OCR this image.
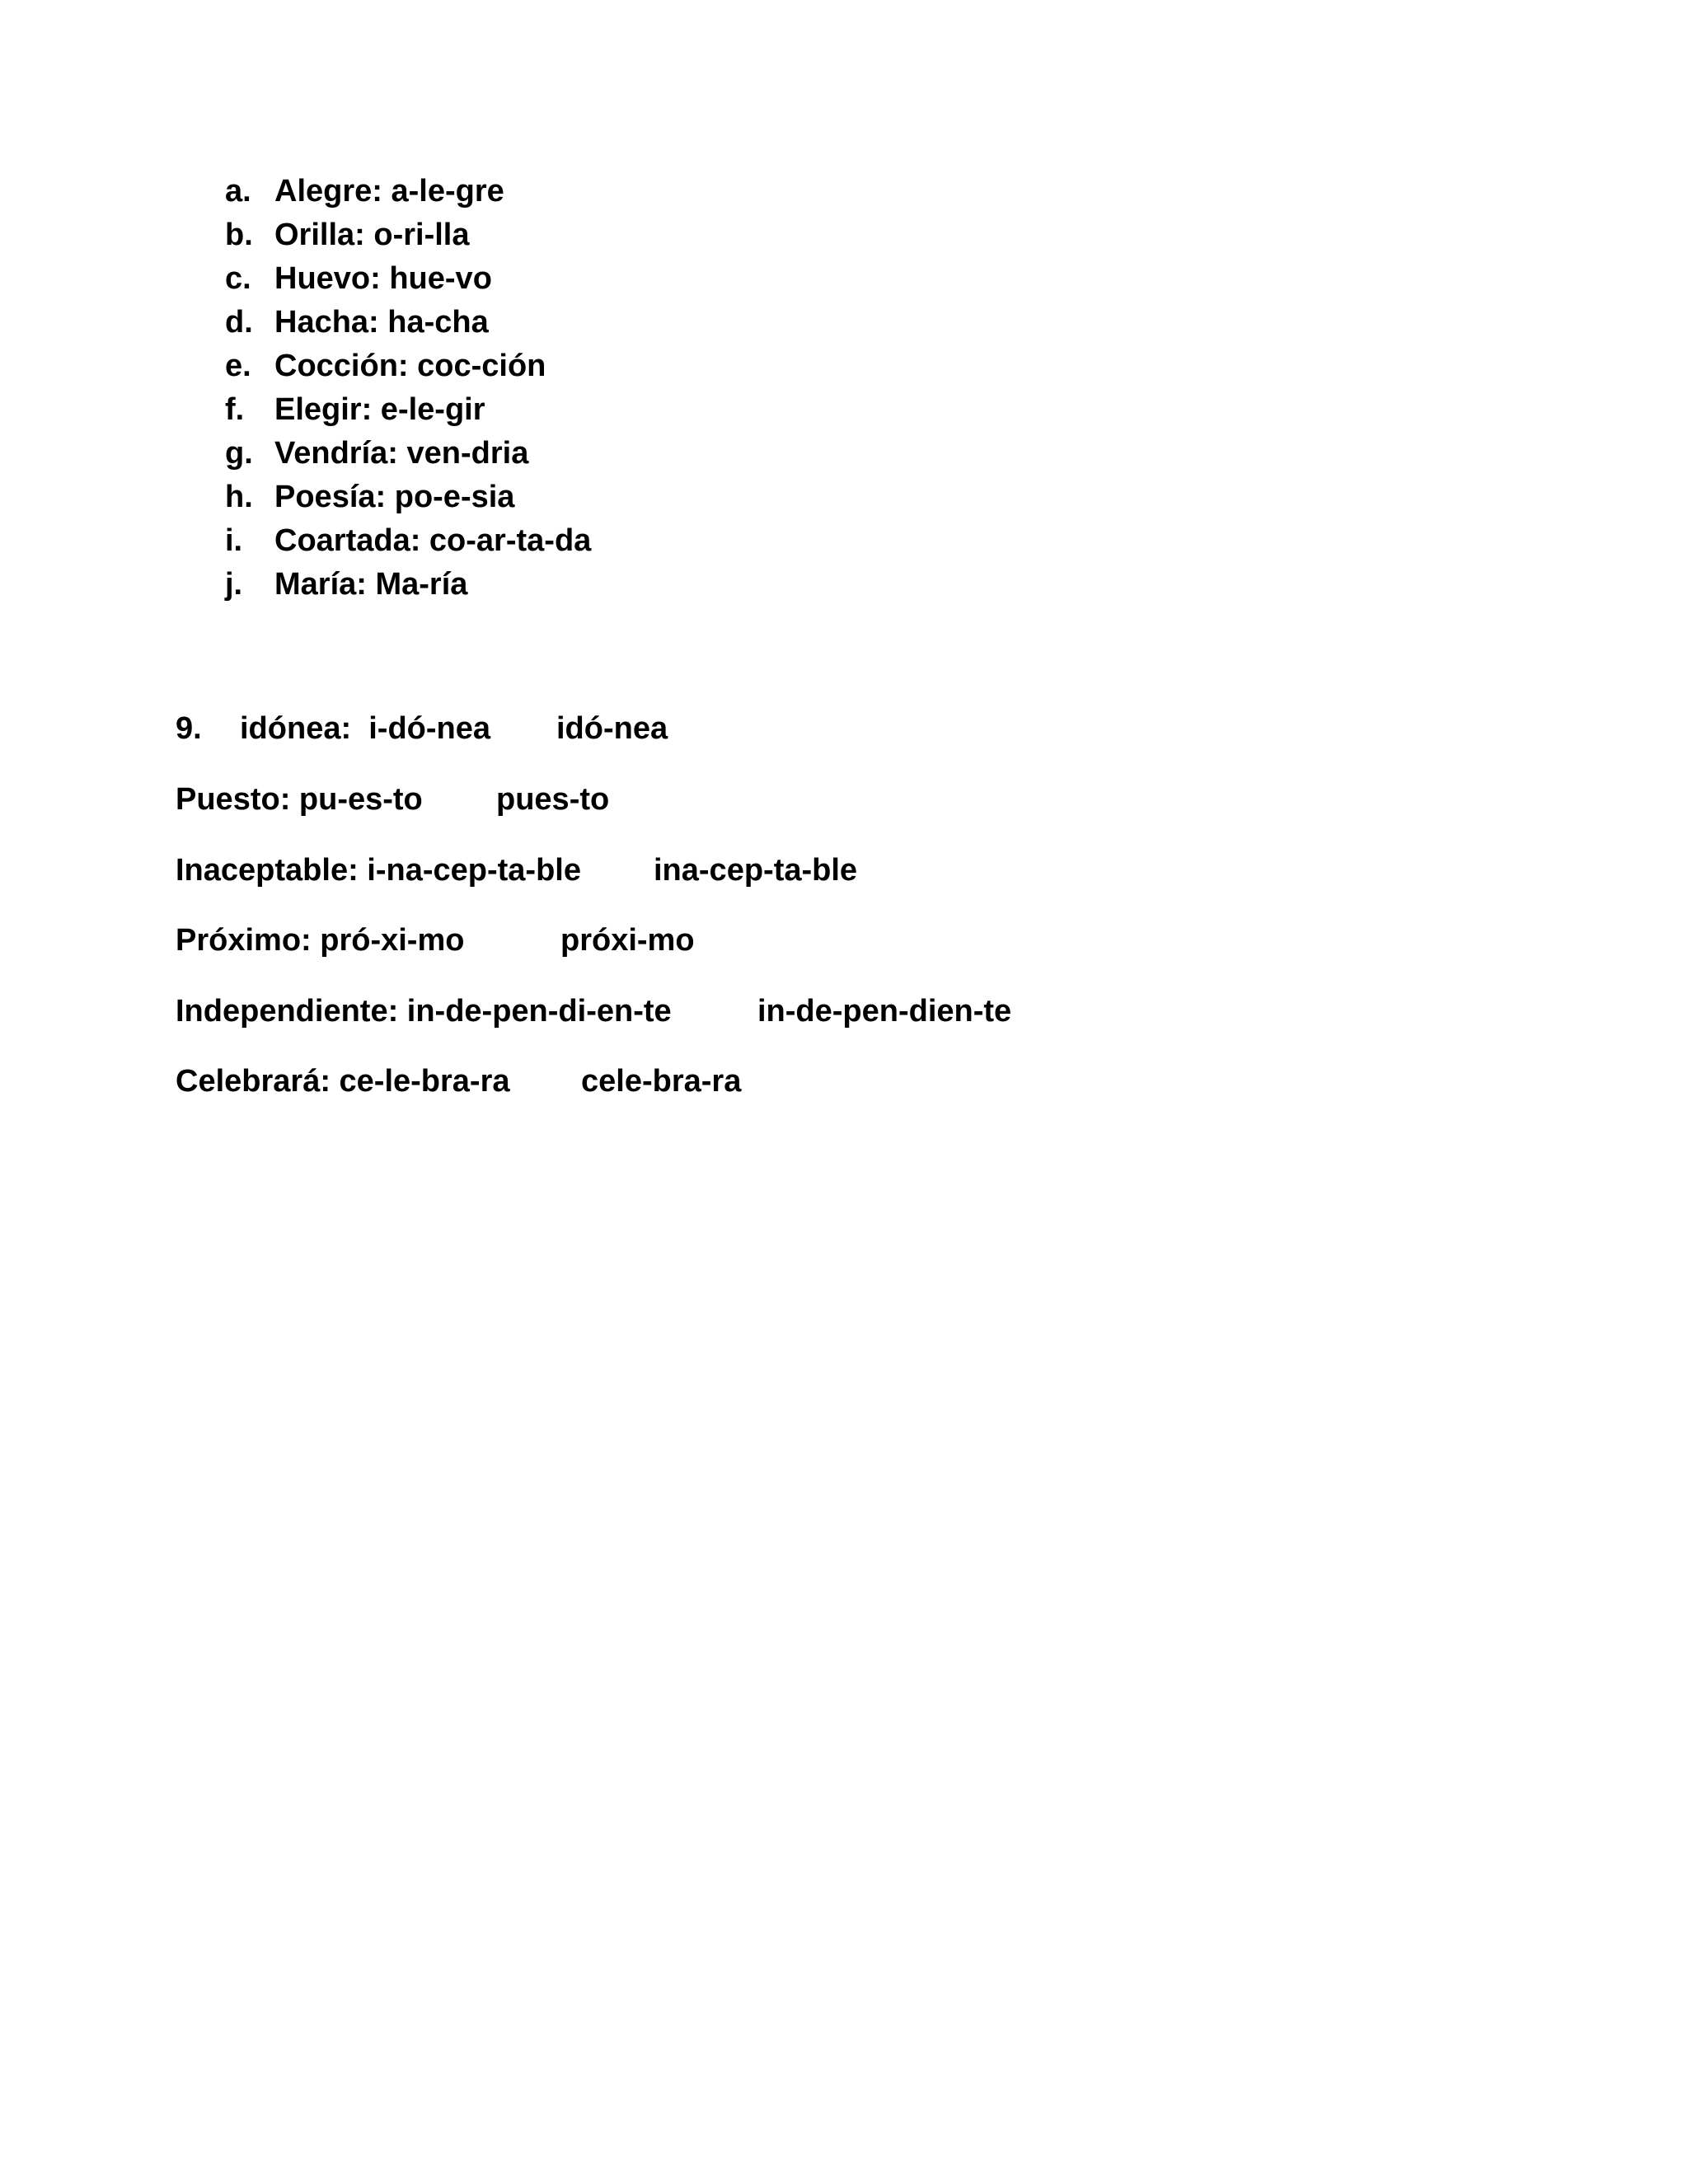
a. Alegre: a-le-gre
b. Orilla: o-ri-lla
c. Huevo: hue-vo
d. Hacha: ha-cha
e. Cocción: coc-ción
f. Elegir: e-le-gir
g. Vendría: ven-dria
h. Poesía: po-e-sia
i.	Coartada: co-ar-ta-da
j.	María: Ma-ría
9. idónea:  i-dó-nea idó-nea
Puesto: pu-es-to pues-to
Inaceptable: i-na-cep-ta-ble ina-cep-ta-ble
Próximo: pró-xi-mo	próxi-mo
Independiente: in-de-pen-di-en-te	in-de-pen-dien-te
Celebrará: ce-le-bra-ra cele-bra-ra
